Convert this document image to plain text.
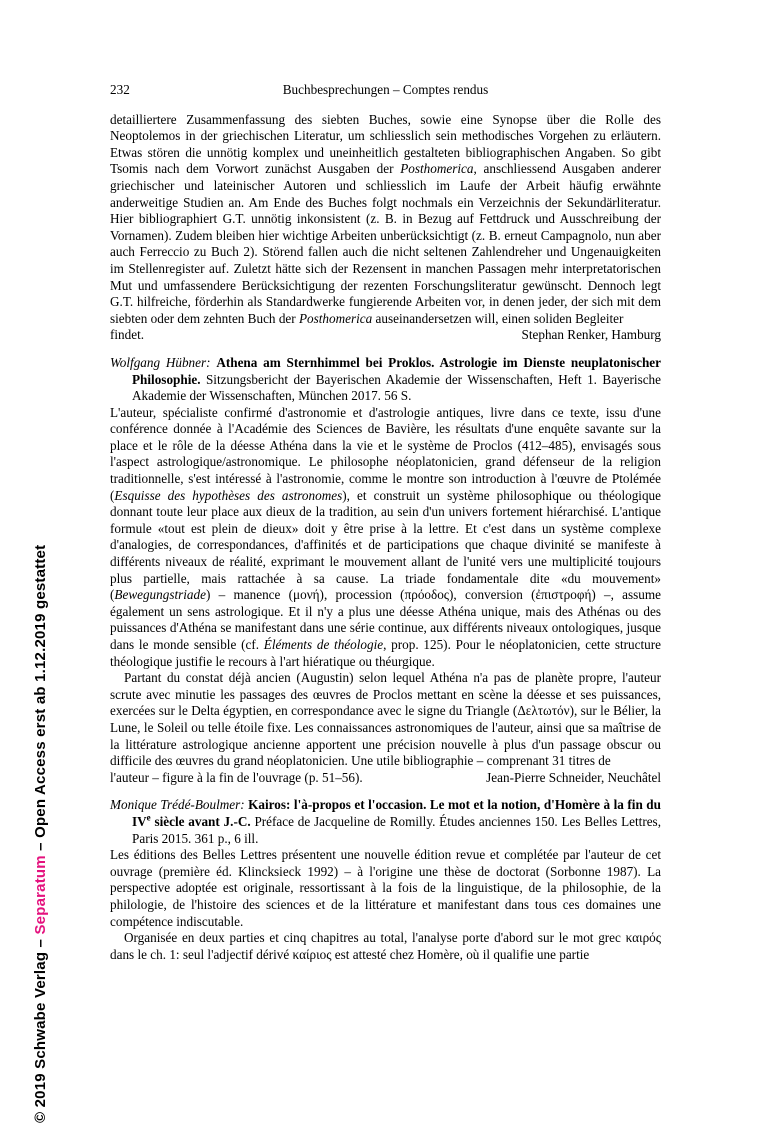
© 2019 Schwabe Verlag – Separatum – Open Access erst ab 1.12.2019 gestattet
232	Buchbesprechungen – Comptes rendus

detailliertere Zusammenfassung des siebten Buches, sowie eine Synopse über die Rolle des Neoptolemos in der griechischen Literatur, um schliesslich sein methodisches Vorgehen zu erläutern. Etwas stören die unnötig komplex und uneinheitlich gestalteten bibliographischen Angaben. So gibt Tsomis nach dem Vorwort zunächst Ausgaben der Posthomerica, anschliessend Ausgaben anderer griechischer und lateinischer Autoren und schliesslich im Laufe der Arbeit häufig erwähnte anderweitige Studien an. Am Ende des Buches folgt nochmals ein Verzeichnis der Sekundärliteratur. Hier bibliographiert G.T. unnötig inkonsistent (z. B. in Bezug auf Fettdruck und Ausschreibung der Vornamen). Zudem bleiben hier wichtige Arbeiten unberücksichtigt (z. B. erneut Campagnolo, nun aber auch Ferreccio zu Buch 2). Störend fallen auch die nicht seltenen Zahlendreher und Ungenauigkeiten im Stellenregister auf. Zuletzt hätte sich der Rezensent in manchen Passagen mehr interpretatorischen Mut und umfassendere Berücksichtigung der rezenten Forschungsliteratur gewünscht. Dennoch legt G.T. hilfreiche, förderhin als Standardwerke fungierende Arbeiten vor, in denen jeder, der sich mit dem siebten oder dem zehnten Buch der Posthomerica auseinandersetzen will, einen soliden Begleiter

findet.	Stephan Renker, Hamburg

Wolfgang Hübner: Athena am Sternhimmel bei Proklos. Astrologie im Dienste neuplatonischer Philosophie. Sitzungsbericht der Bayerischen Akademie der Wissenschaften, Heft 1. Bayerische Akademie der Wissenschaften, München 2017. 56 S.

L'auteur, spécialiste confirmé d'astronomie et d'astrologie antiques, livre dans ce texte, issu d'une conférence donnée à l'Académie des Sciences de Bavière, les résultats d'une enquête savante sur la place et le rôle de la déesse Athéna dans la vie et le système de Proclos (412–485), envisagés sous l'aspect astrologique/astronomique. Le philosophe néoplatonicien, grand défenseur de la religion traditionnelle, s'est intéressé à l'astronomie, comme le montre son introduction à l'œuvre de Ptolémée (Esquisse des hypothèses des astronomes), et construit un système philosophique ou théologique donnant toute leur place aux dieux de la tradition, au sein d'un univers fortement hiérarchisé. L'antique formule «tout est plein de dieux» doit y être prise à la lettre. Et c'est dans un système complexe d'analogies, de correspondances, d'affinités et de participations que chaque divinité se manifeste à différents niveaux de réalité, exprimant le mouvement allant de l'unité vers une multiplicité toujours plus partielle, mais rattachée à sa cause. La triade fondamentale dite «du mouvement» (Bewegungstriade) – manence (μονή), procession (πρόοδος), conversion (ἐπιστροφή) –, assume également un sens astrologique. Et il n'y a plus une déesse Athéna unique, mais des Athénas ou des puissances d'Athéna se manifestant dans une série continue, aux différents niveaux ontologiques, jusque dans le monde sensible (cf. Éléments de théologie, prop. 125). Pour le néoplatonicien, cette structure théologique justifie le recours à l'art hiératique ou théurgique.

Partant du constat déjà ancien (Augustin) selon lequel Athéna n'a pas de planète propre, l'auteur scrute avec minutie les passages des œuvres de Proclos mettant en scène la déesse et ses puissances, exercées sur le Delta égyptien, en correspondance avec le signe du Triangle (Δελτωτόν), sur le Bélier, la Lune, le Soleil ou telle étoile fixe. Les connaissances astronomiques de l'auteur, ainsi que sa maîtrise de la littérature astrologique ancienne apportent une précision nouvelle à plus d'un passage obscur ou difficile des œuvres du grand néoplatonicien. Une utile bibliographie – comprenant 31 titres de

l'auteur – figure à la fin de l'ouvrage (p. 51–56).	Jean-Pierre Schneider, Neuchâtel

Monique Trédé-Boulmer: Kairos: l'à-propos et l'occasion. Le mot et la notion, d'Homère à la fin du IVe siècle avant J.-C. Préface de Jacqueline de Romilly. Études anciennes 150. Les Belles Lettres, Paris 2015. 361 p., 6 ill.

Les éditions des Belles Lettres présentent une nouvelle édition revue et complétée par l'auteur de cet ouvrage (première éd. Klincksieck 1992) – à l'origine une thèse de doctorat (Sorbonne 1987). La perspective adoptée est originale, ressortissant à la fois de la linguistique, de la philosophie, de la philologie, de l'histoire des sciences et de la littérature et manifestant dans tous ces domaines une compétence indiscutable.

Organisée en deux parties et cinq chapitres au total, l'analyse porte d'abord sur le mot grec καιρός dans le ch. 1: seul l'adjectif dérivé καίριος est attesté chez Homère, où il qualifie une partie
